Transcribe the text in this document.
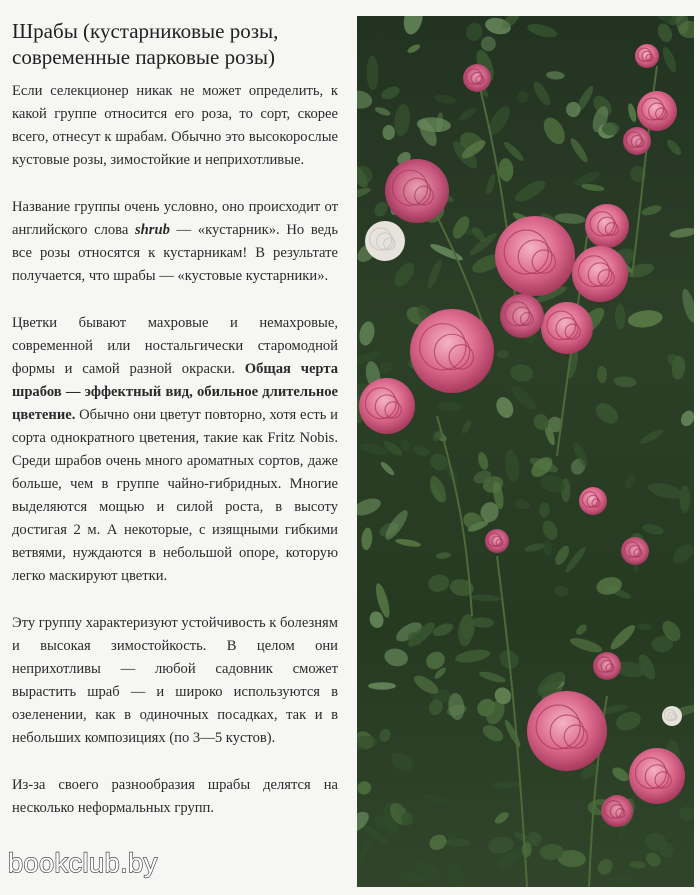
Шрабы (кустарниковые розы,
современные парковые розы)

Если селекционер никак не может определить, к какой группе относится его роза, то сорт, скорее всего, отнесут к шрабам. Обычно это высокорослые кустовые розы, зимостойкие и неприхотливые.

Название группы очень условно, оно происходит от английского слова shrub — «кустарник». Но ведь все розы относятся к кустарникам! В результате получается, что шрабы — «кустовые кустарники».

Цветки бывают махровые и немахровые, современной или ностальгически старомодной формы и самой разной окраски. Общая черта шрабов — эффектный вид, обильное длительное цветение. Обычно они цветут повторно, хотя есть и сорта однократного цветения, такие как Fritz Nobis. Среди шрабов очень много ароматных сортов, даже больше, чем в группе чайно-гибридных. Многие выделяются мощью и силой роста, в высоту достигая 2 м. А некоторые, с изящными гибкими ветвями, нуждаются в небольшой опоре, которую легко маскируют цветки.

Эту группу характеризуют устойчивость к болезням и высокая зимостойкость. В целом они неприхотливы — любой садовник сможет вырастить шраб — и широко используются в озеленении, как в одиночных посадках, так и в небольших композициях (по 3—5 кустов).

Из-за своего разнообразия шрабы делятся на несколько неформальных групп.

bookclub.by
